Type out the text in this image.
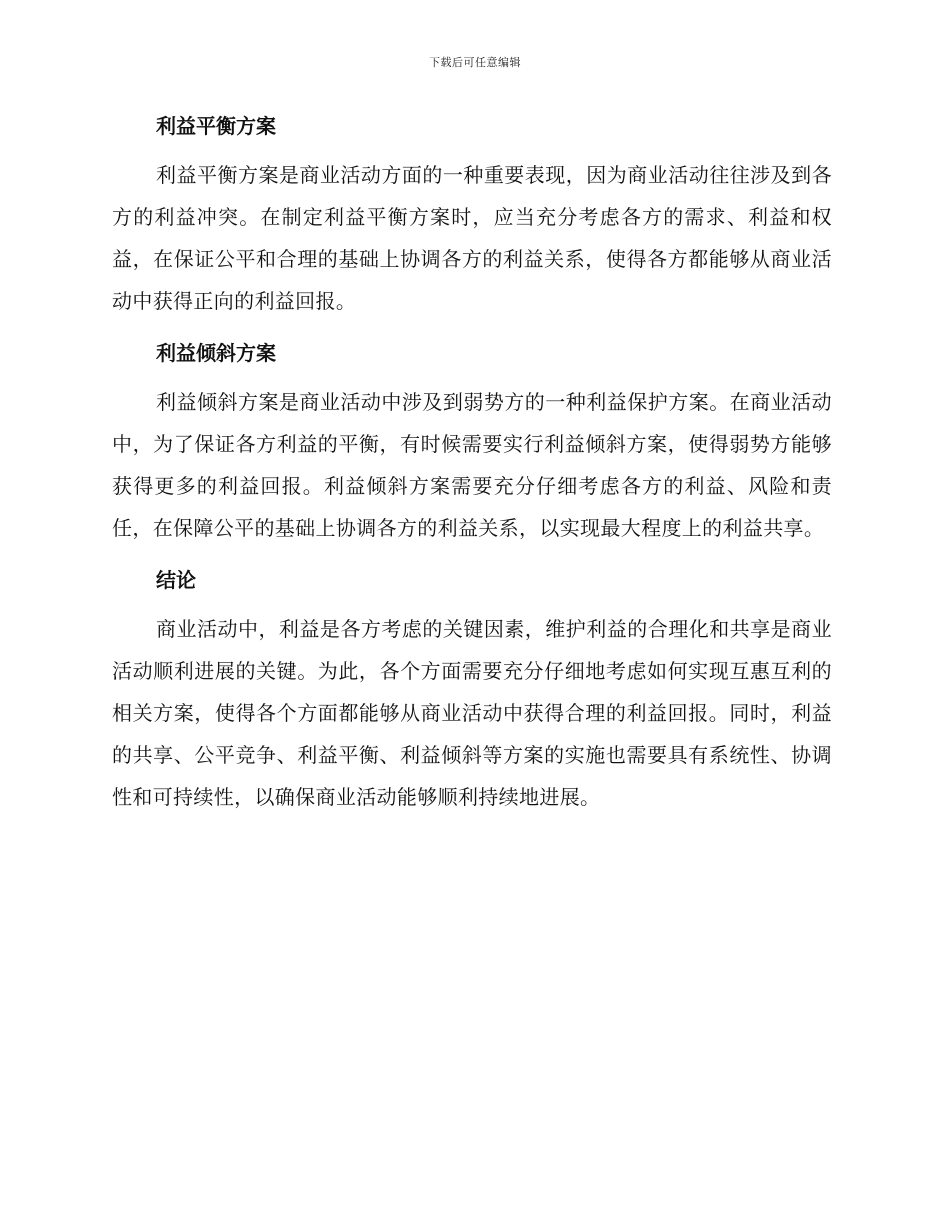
下载后可任意编辑
利益平衡方案

利益平衡方案是商业活动方面的一种重要表现，因为商业活动往往涉及到各方的利益冲突。在制定利益平衡方案时，应当充分考虑各方的需求、利益和权益，在保证公平和合理的基础上协调各方的利益关系，使得各方都能够从商业活动中获得正向的利益回报。

利益倾斜方案

利益倾斜方案是商业活动中涉及到弱势方的一种利益保护方案。在商业活动中，为了保证各方利益的平衡，有时候需要实行利益倾斜方案，使得弱势方能够获得更多的利益回报。利益倾斜方案需要充分仔细考虑各方的利益、风险和责任，在保障公平的基础上协调各方的利益关系，以实现最大程度上的利益共享。

结论

商业活动中，利益是各方考虑的关键因素，维护利益的合理化和共享是商业活动顺利进展的关键。为此，各个方面需要充分仔细地考虑如何实现互惠互利的相关方案，使得各个方面都能够从商业活动中获得合理的利益回报。同时，利益的共享、公平竞争、利益平衡、利益倾斜等方案的实施也需要具有系统性、协调性和可持续性，以确保商业活动能够顺利持续地进展。
